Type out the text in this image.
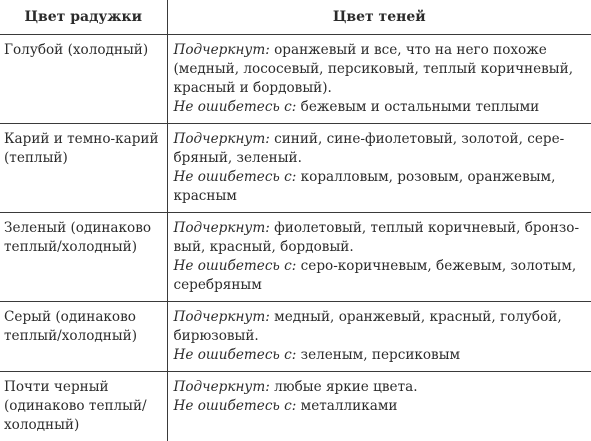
Цвет радужки	Цвет теней

Голубой (холодный)	Подчеркнут: оранжевый и все, что на него похоже
(медный, лососевый, персиковый, теплый коричневый,
красный и бордовый).
Не ошибетесь с: бежевым и остальными теплыми

Карий и темно-карий
(теплый)	Подчеркнут: синий, сине-фиолетовый, золотой, сере-
бряный, зеленый.
Не ошибетесь с: коралловым, розовым, оранжевым,
красным

Зеленый (одинаково
теплый/холодный)	Подчеркнут: фиолетовый, теплый коричневый, бронзо-
вый, красный, бордовый.
Не ошибетесь с: серо-коричневым, бежевым, золотым,
серебряным

Серый (одинаково
теплый/холодный)	Подчеркнут: медный, оранжевый, красный, голубой,
бирюзовый.
Не ошибетесь с: зеленым, персиковым

Почти черный
(одинаково теплый/
холодный)	Подчеркнут: любые яркие цвета.
Не ошибетесь с: металликами
